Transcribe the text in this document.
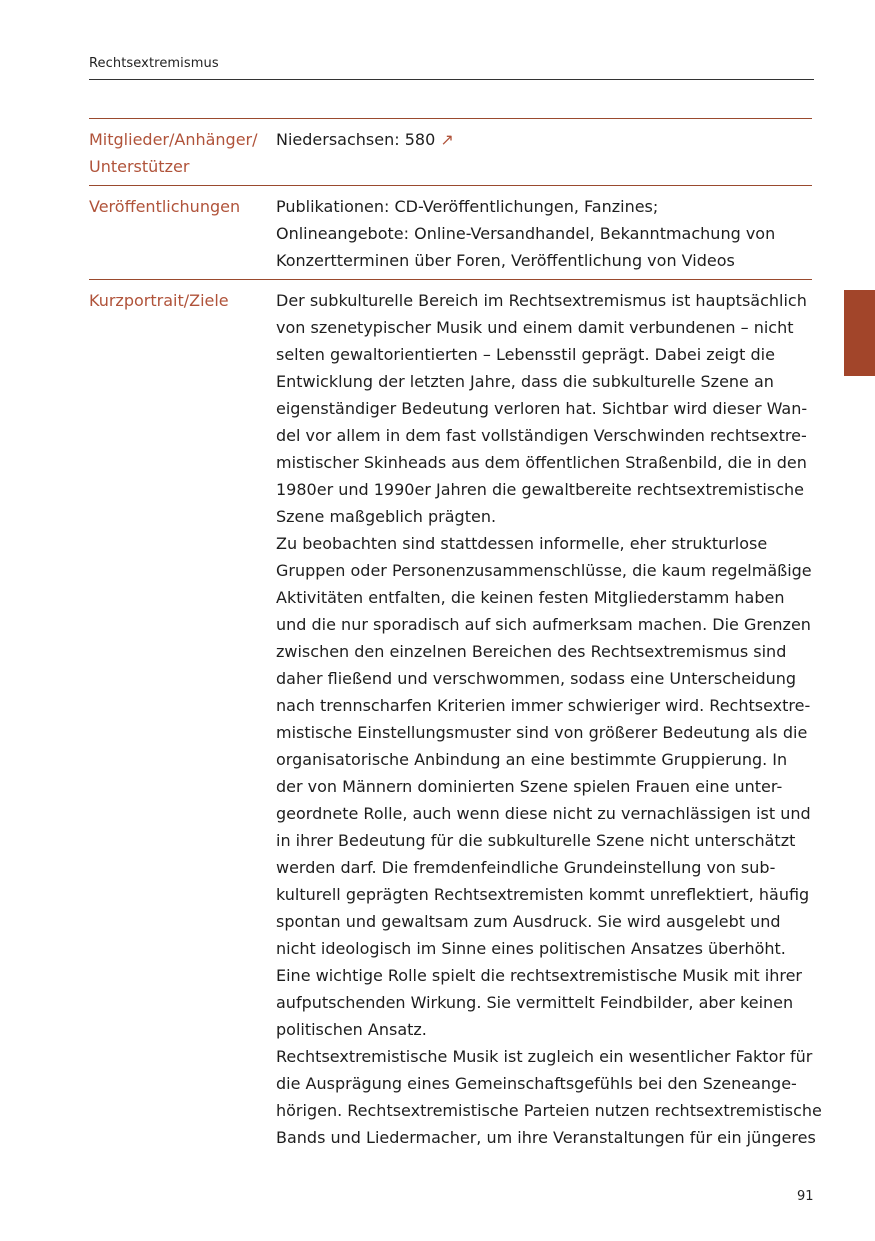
Rechtsextremismus
Mitglieder/Anhänger/
Unterstützer
Niedersachsen: 580 ↗
Veröffentlichungen	Publikationen: CD-Veröffentlichungen, Fanzines;
Onlineangebote: Online-Versandhandel, Bekanntmachung von
Konzertterminen über Foren, Veröffentlichung von Videos
Kurzportrait/Ziele	Der subkulturelle Bereich im Rechtsextremismus ist hauptsächlich
von szenetypischer Musik und einem damit verbundenen – nicht
selten gewaltorientierten – Lebensstil geprägt. Dabei zeigt die
Entwicklung der letzten Jahre, dass die subkulturelle Szene an
eigenständiger Bedeutung verloren hat. Sichtbar wird dieser Wan-
del vor allem in dem fast vollständigen Verschwinden rechtsextre-
mistischer Skinheads aus dem öffentlichen Straßenbild, die in den
1980er und 1990er Jahren die gewaltbereite rechtsextremistische
Szene maßgeblich prägten.

Zu beobachten sind stattdessen informelle, eher strukturlose
Gruppen oder Personenzusammenschlüsse, die kaum regelmäßige
Aktivitäten entfalten, die keinen festen Mitgliederstamm haben
und die nur sporadisch auf sich aufmerksam machen. Die Grenzen
zwischen den einzelnen Bereichen des Rechtsextremismus sind
daher fließend und verschwommen, sodass eine Unterscheidung
nach trennscharfen Kriterien immer schwieriger wird. Rechtsextre-
mistische Einstellungsmuster sind von größerer Bedeutung als die
organisatorische Anbindung an eine bestimmte Gruppierung. In
der von Männern dominierten Szene spielen Frauen eine unter-
geordnete Rolle, auch wenn diese nicht zu vernachlässigen ist und
in ihrer Bedeutung für die subkulturelle Szene nicht unterschätzt
werden darf. Die fremdenfeindliche Grundeinstellung von sub-
kulturell geprägten Rechtsextremisten kommt unreflektiert, häufig
spontan und gewaltsam zum Ausdruck. Sie wird ausgelebt und
nicht ideologisch im Sinne eines politischen Ansatzes überhöht.
Eine wichtige Rolle spielt die rechtsextremistische Musik mit ihrer
aufputschenden Wirkung. Sie vermittelt Feindbilder, aber keinen
politischen Ansatz.

Rechtsextremistische Musik ist zugleich ein wesentlicher Faktor für
die Ausprägung eines Gemeinschaftsgefühls bei den Szeneange-
hörigen. Rechtsextremistische Parteien nutzen rechtsextremistische
Bands und Liedermacher, um ihre Veranstaltungen für ein jüngeres

91
